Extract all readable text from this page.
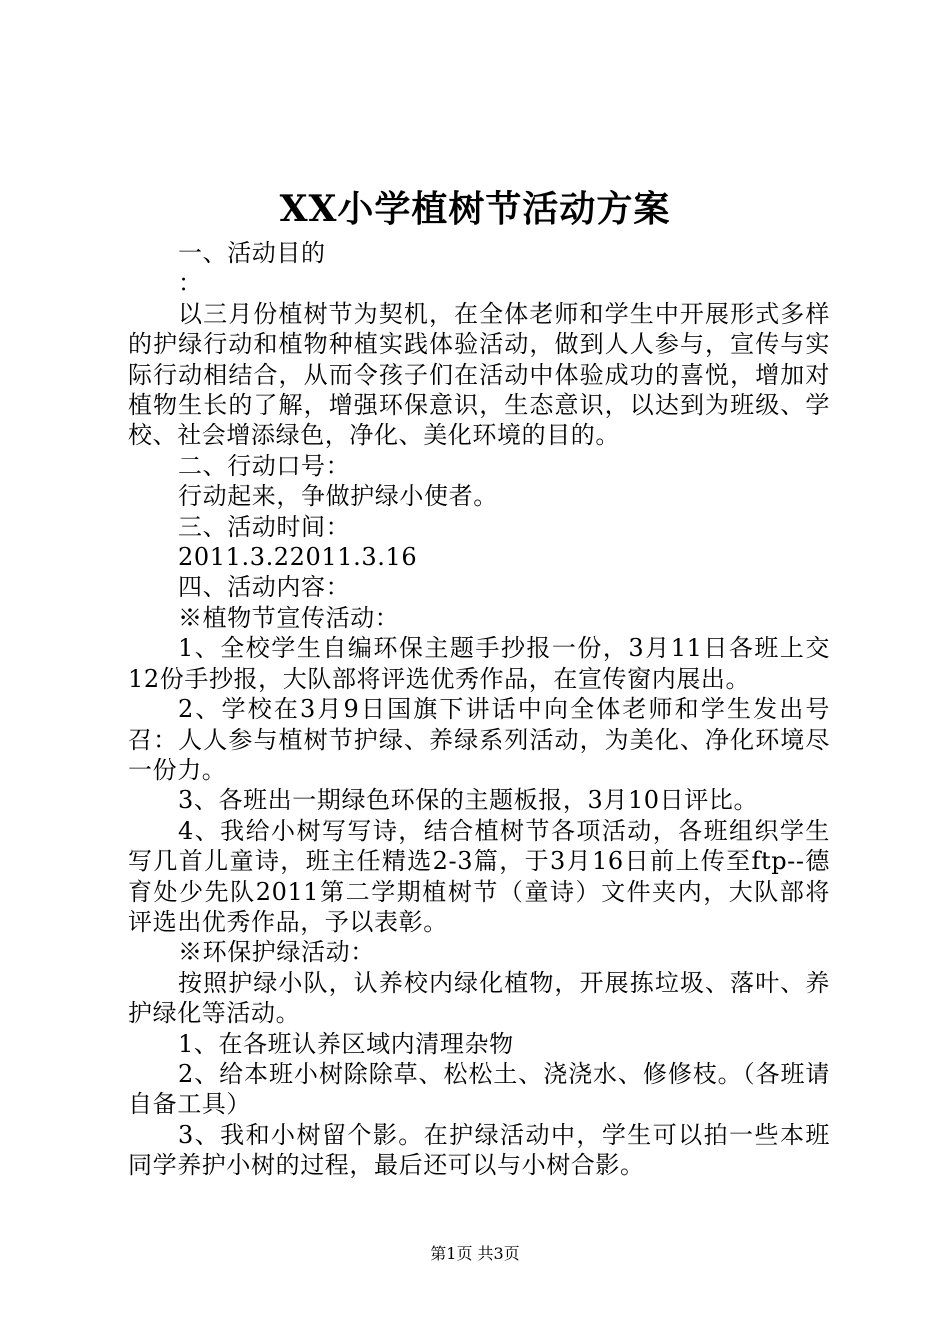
XX小学植树节活动方案

一、活动目的

：

以三月份植树节为契机，在全体老师和学生中开展形式多样的护绿行动和植物种植实践体验活动，做到人人参与，宣传与实际行动相结合，从而令孩子们在活动中体验成功的喜悦，增加对植物生长的了解，增强环保意识，生态意识，以达到为班级、学校、社会增添绿色，净化、美化环境的目的。

二、行动口号：

行动起来，争做护绿小使者。

三、活动时间：

2011.3.22011.3.16

四、活动内容：

※植物节宣传活动：

1、全校学生自编环保主题手抄报一份，3月11日各班上交12份手抄报，大队部将评选优秀作品，在宣传窗内展出。

2、学校在3月9日国旗下讲话中向全体老师和学生发出号召：人人参与植树节护绿、养绿系列活动，为美化、净化环境尽一份力。

3、各班出一期绿色环保的主题板报，3月10日评比。

4、我给小树写写诗，结合植树节各项活动，各班组织学生写几首儿童诗，班主任精选2-3篇，于3月16日前上传至ftp--德育处少先队2011第二学期植树节（童诗）文件夹内，大队部将评选出优秀作品，予以表彰。

※环保护绿活动：

按照护绿小队，认养校内绿化植物，开展拣垃圾、落叶、养护绿化等活动。

1、在各班认养区域内清理杂物

2、给本班小树除除草、松松土、浇浇水、修修枝。（各班请自备工具）

3、我和小树留个影。在护绿活动中，学生可以拍一些本班同学养护小树的过程，最后还可以与小树合影。

第1页 共3页
